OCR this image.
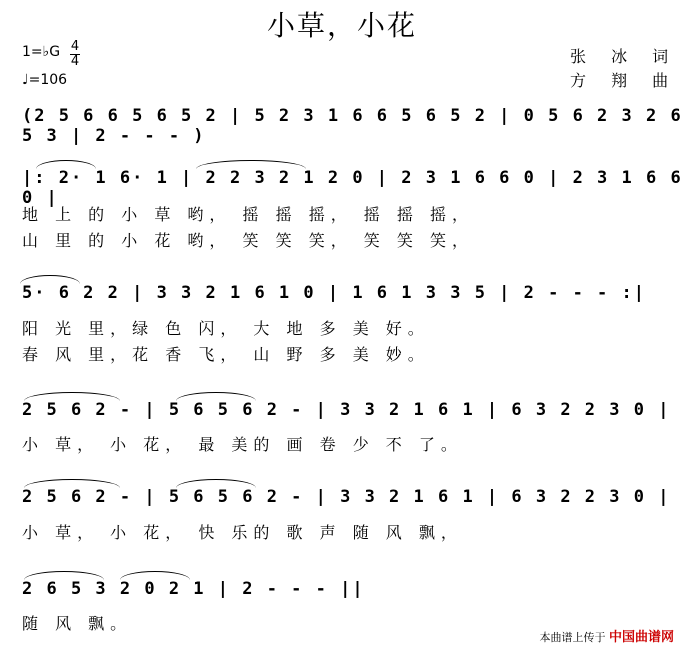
小草，小花
1=♭G 4
4
♩=106
张 冰 词
方 翔 曲
(2 5 6 6 5 6 5 2 | 5 2 3 1 6 6 5 6 5 2 | 0 5 6 2 3 2 6 5 3 | 2 - - - )
|: 2· 1 6· 1 | 2 2 3 2 1 2 0 | 2 3 1 6 6 0 | 2 3 1 6 6 0 |
地 上 的 小 草 哟， 摇 摇 摇， 摇 摇 摇，
山 里 的 小 花 哟， 笑 笑 笑， 笑 笑 笑，
5· 6 2 2 | 3 3 2 1 6 1 0 | 1 6 1 3 3 5 | 2 - - - :|
阳 光 里，绿 色 闪， 大 地 多 美 好。
春 风 里，花 香 飞， 山 野 多 美 妙。
2 5 6 2 - | 5 6 5 6 2 - | 3 3 2 1 6 1 | 6 3 2 2 3 0 |
小 草， 小 花， 最 美的 画 卷 少 不 了。
2 5 6 2 - | 5 6 5 6 2 - | 3 3 2 1 6 1 | 6 3 2 2 3 0 |
小 草， 小 花， 快 乐的 歌 声 随 风 飘，
2 6 5 3 2 0 2 1 | 2 - - - ||
随 风 飘。
本曲谱上传于 中国曲谱网
